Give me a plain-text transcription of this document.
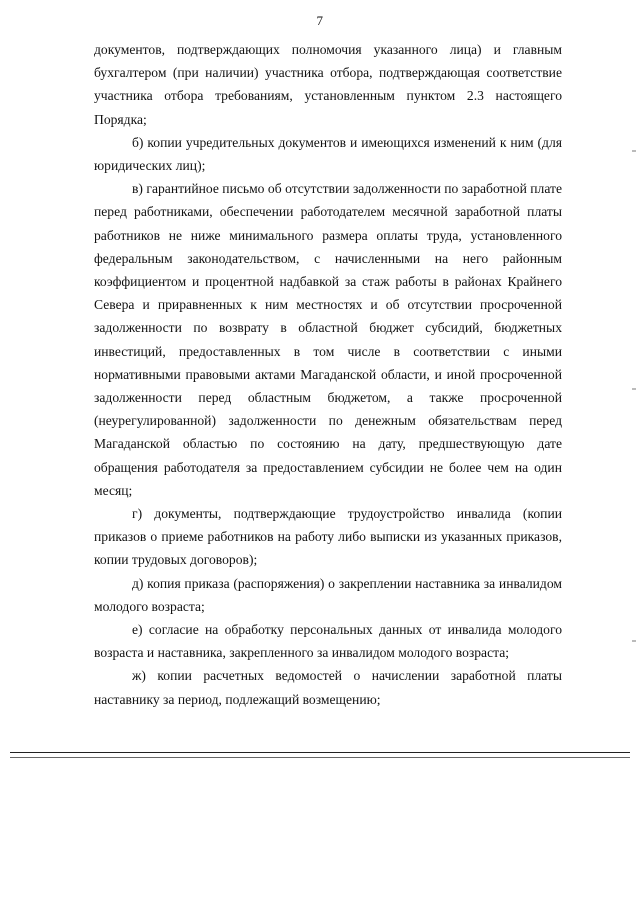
7

документов, подтверждающих полномочия указанного лица) и главным бухгалтером (при наличии) участника отбора, подтверждающая соответствие участника отбора требованиям, установленным пунктом 2.3 настоящего Порядка;

б) копии учредительных документов и имеющихся изменений к ним (для юридических лиц);

в) гарантийное письмо об отсутствии задолженности по заработной плате перед работниками, обеспечении работодателем месячной заработной платы работников не ниже минимального размера оплаты труда, установленного федеральным законодательством, с начисленными на него районным коэффициентом и процентной надбавкой за стаж работы в районах Крайнего Севера и приравненных к ним местностях и об отсутствии просроченной задолженности по возврату в областной бюджет субсидий, бюджетных инвестиций, предоставленных в том числе в соответствии с иными нормативными правовыми актами Магаданской области, и иной просроченной задолженности перед областным бюджетом, а также просроченной (неурегулированной) задолженности по денежным обязательствам перед Магаданской областью по состоянию на дату, предшествующую дате обращения работодателя за предоставлением субсидии не более чем на один месяц;

г) документы, подтверждающие трудоустройство инвалида (копии приказов о приеме работников на работу либо выписки из указанных приказов, копии трудовых договоров);

д) копия приказа (распоряжения) о закреплении наставника за инвалидом молодого возраста;

е) согласие на обработку персональных данных от инвалида молодого возраста и наставника, закрепленного за инвалидом молодого возраста;

ж) копии расчетных ведомостей о начислении заработной платы наставнику за период, подлежащий возмещению;
